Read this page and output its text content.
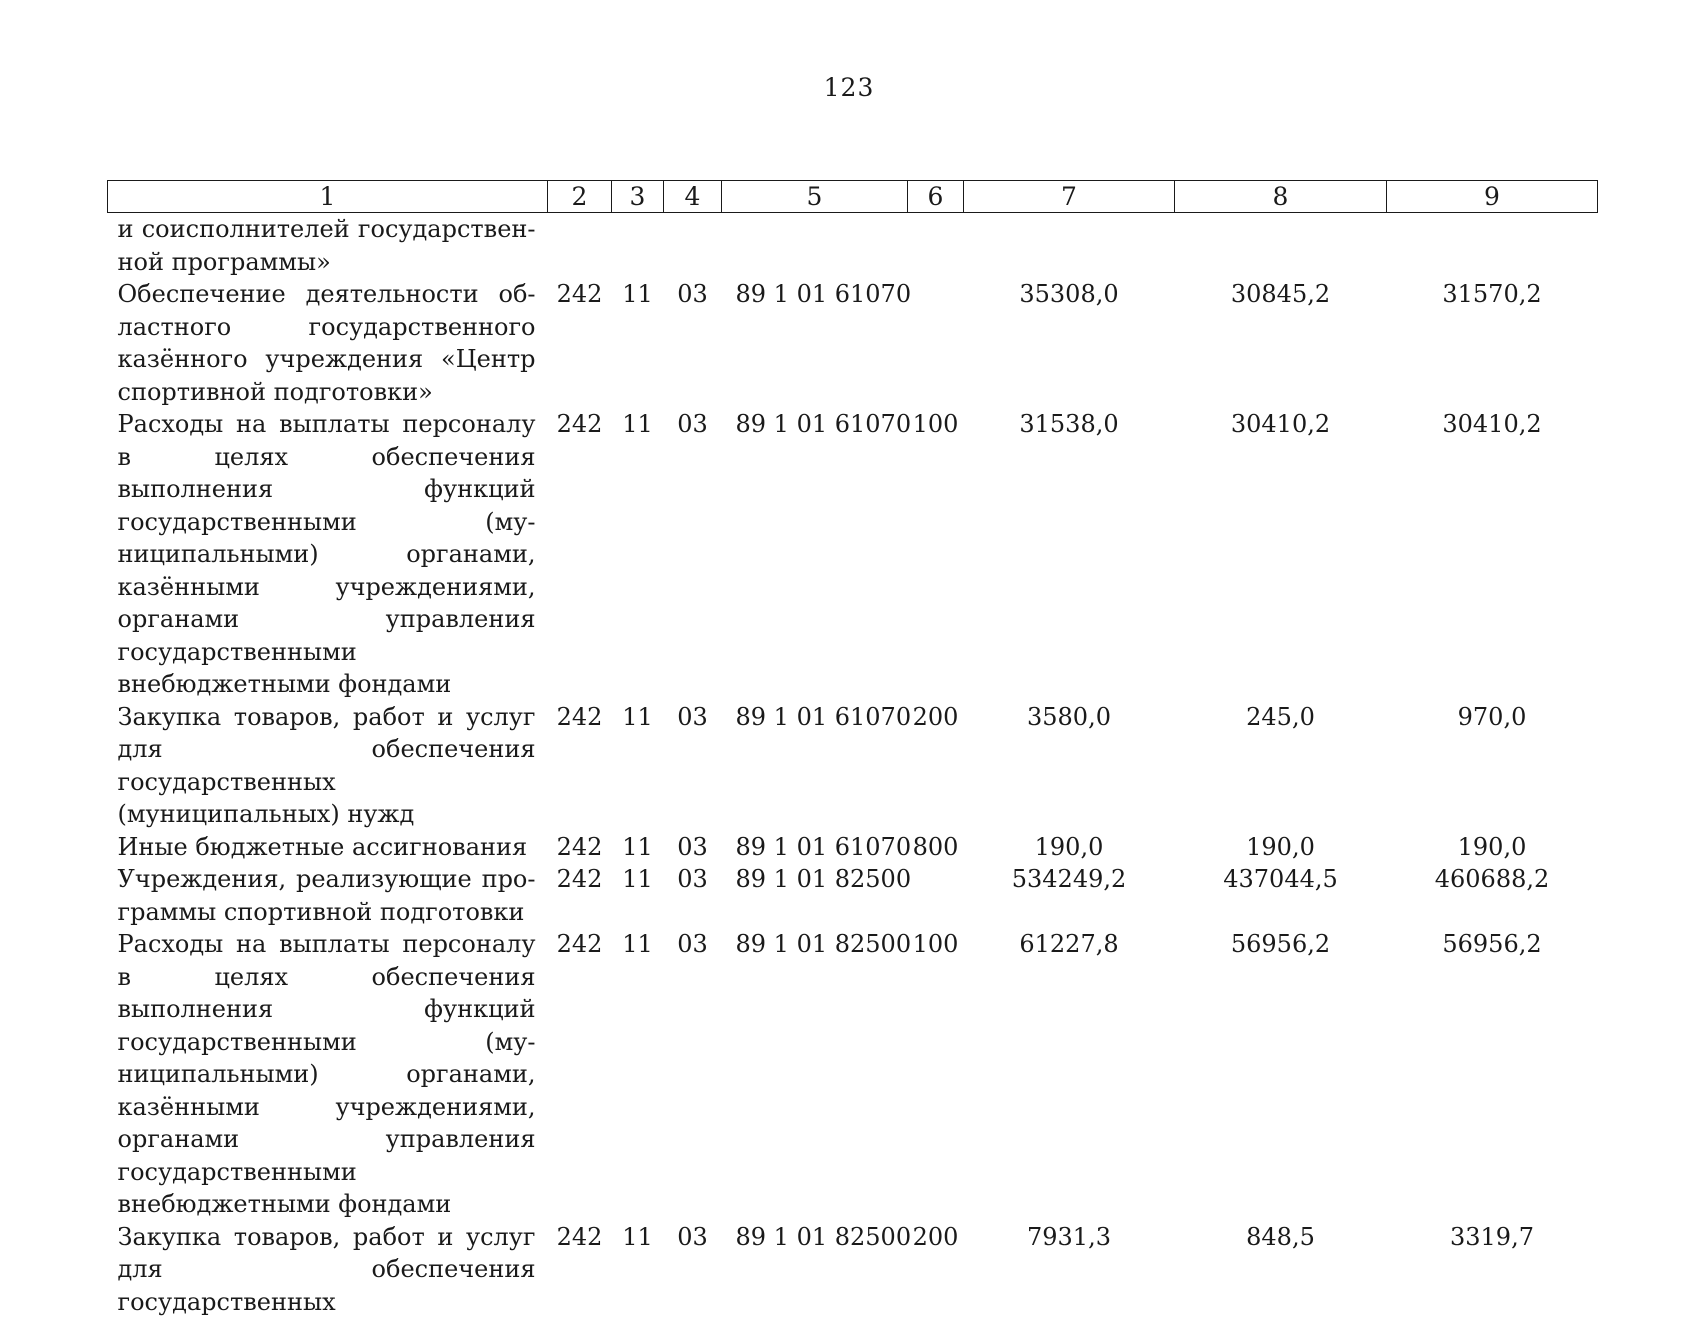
123
1	2	3	4	5	6	7	8	9
и соисполнителей государственной программы»								
Обеспечение деятельности областного государственного казённого учреждения «Центр спортивной подготовки»	242	11	03	89 1 01 61070		35308,0	30845,2	31570,2
Расходы на выплаты персоналу в целях обеспечения выполнения функций государственными (муниципальными) органами, казёнными учреждениями, органами управления государственными внебюджетными фондами	242	11	03	89 1 01 61070	100	31538,0	30410,2	30410,2
Закупка товаров, работ и услуг для обеспечения государственных (муниципальных) нужд	242	11	03	89 1 01 61070	200	3580,0	245,0	970,0
Иные бюджетные ассигнования	242	11	03	89 1 01 61070	800	190,0	190,0	190,0
Учреждения, реализующие программы спортивной подготовки	242	11	03	89 1 01 82500		534249,2	437044,5	460688,2
Расходы на выплаты персоналу в целях обеспечения выполнения функций государственными (муниципальными) органами, казёнными учреждениями, органами управления государственными внебюджетными фондами	242	11	03	89 1 01 82500	100	61227,8	56956,2	56956,2
Закупка товаров, работ и услуг для обеспечения государственных	242	11	03	89 1 01 82500	200	7931,3	848,5	3319,7
